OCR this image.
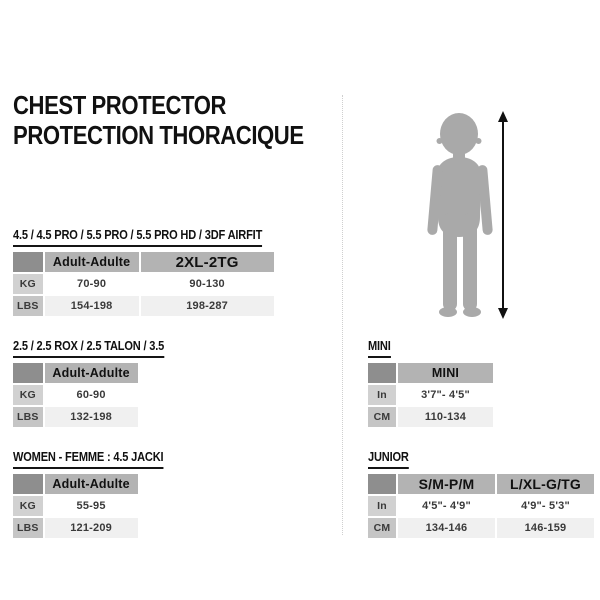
CHEST PROTECTOR
PROTECTION THORACIQUE
4.5 / 4.5 PRO / 5.5 PRO / 5.5 PRO HD / 3DF AIRFIT
	Adult-Adulte	2XL-2TG
KG	70-90	90-130
LBS	154-198	198-287
2.5 / 2.5 ROX / 2.5 TALON / 3.5
	Adult-Adulte
KG	60-90
LBS	132-198
WOMEN - FEMME : 4.5 JACKI
	Adult-Adulte
KG	55-95
LBS	121-209
MINI
	MINI
In	3'7"- 4'5"
CM	110-134
JUNIOR
	S/M-P/M	L/XL-G/TG
In	4'5"- 4'9"	4'9"- 5'3"
CM	134-146	146-159
